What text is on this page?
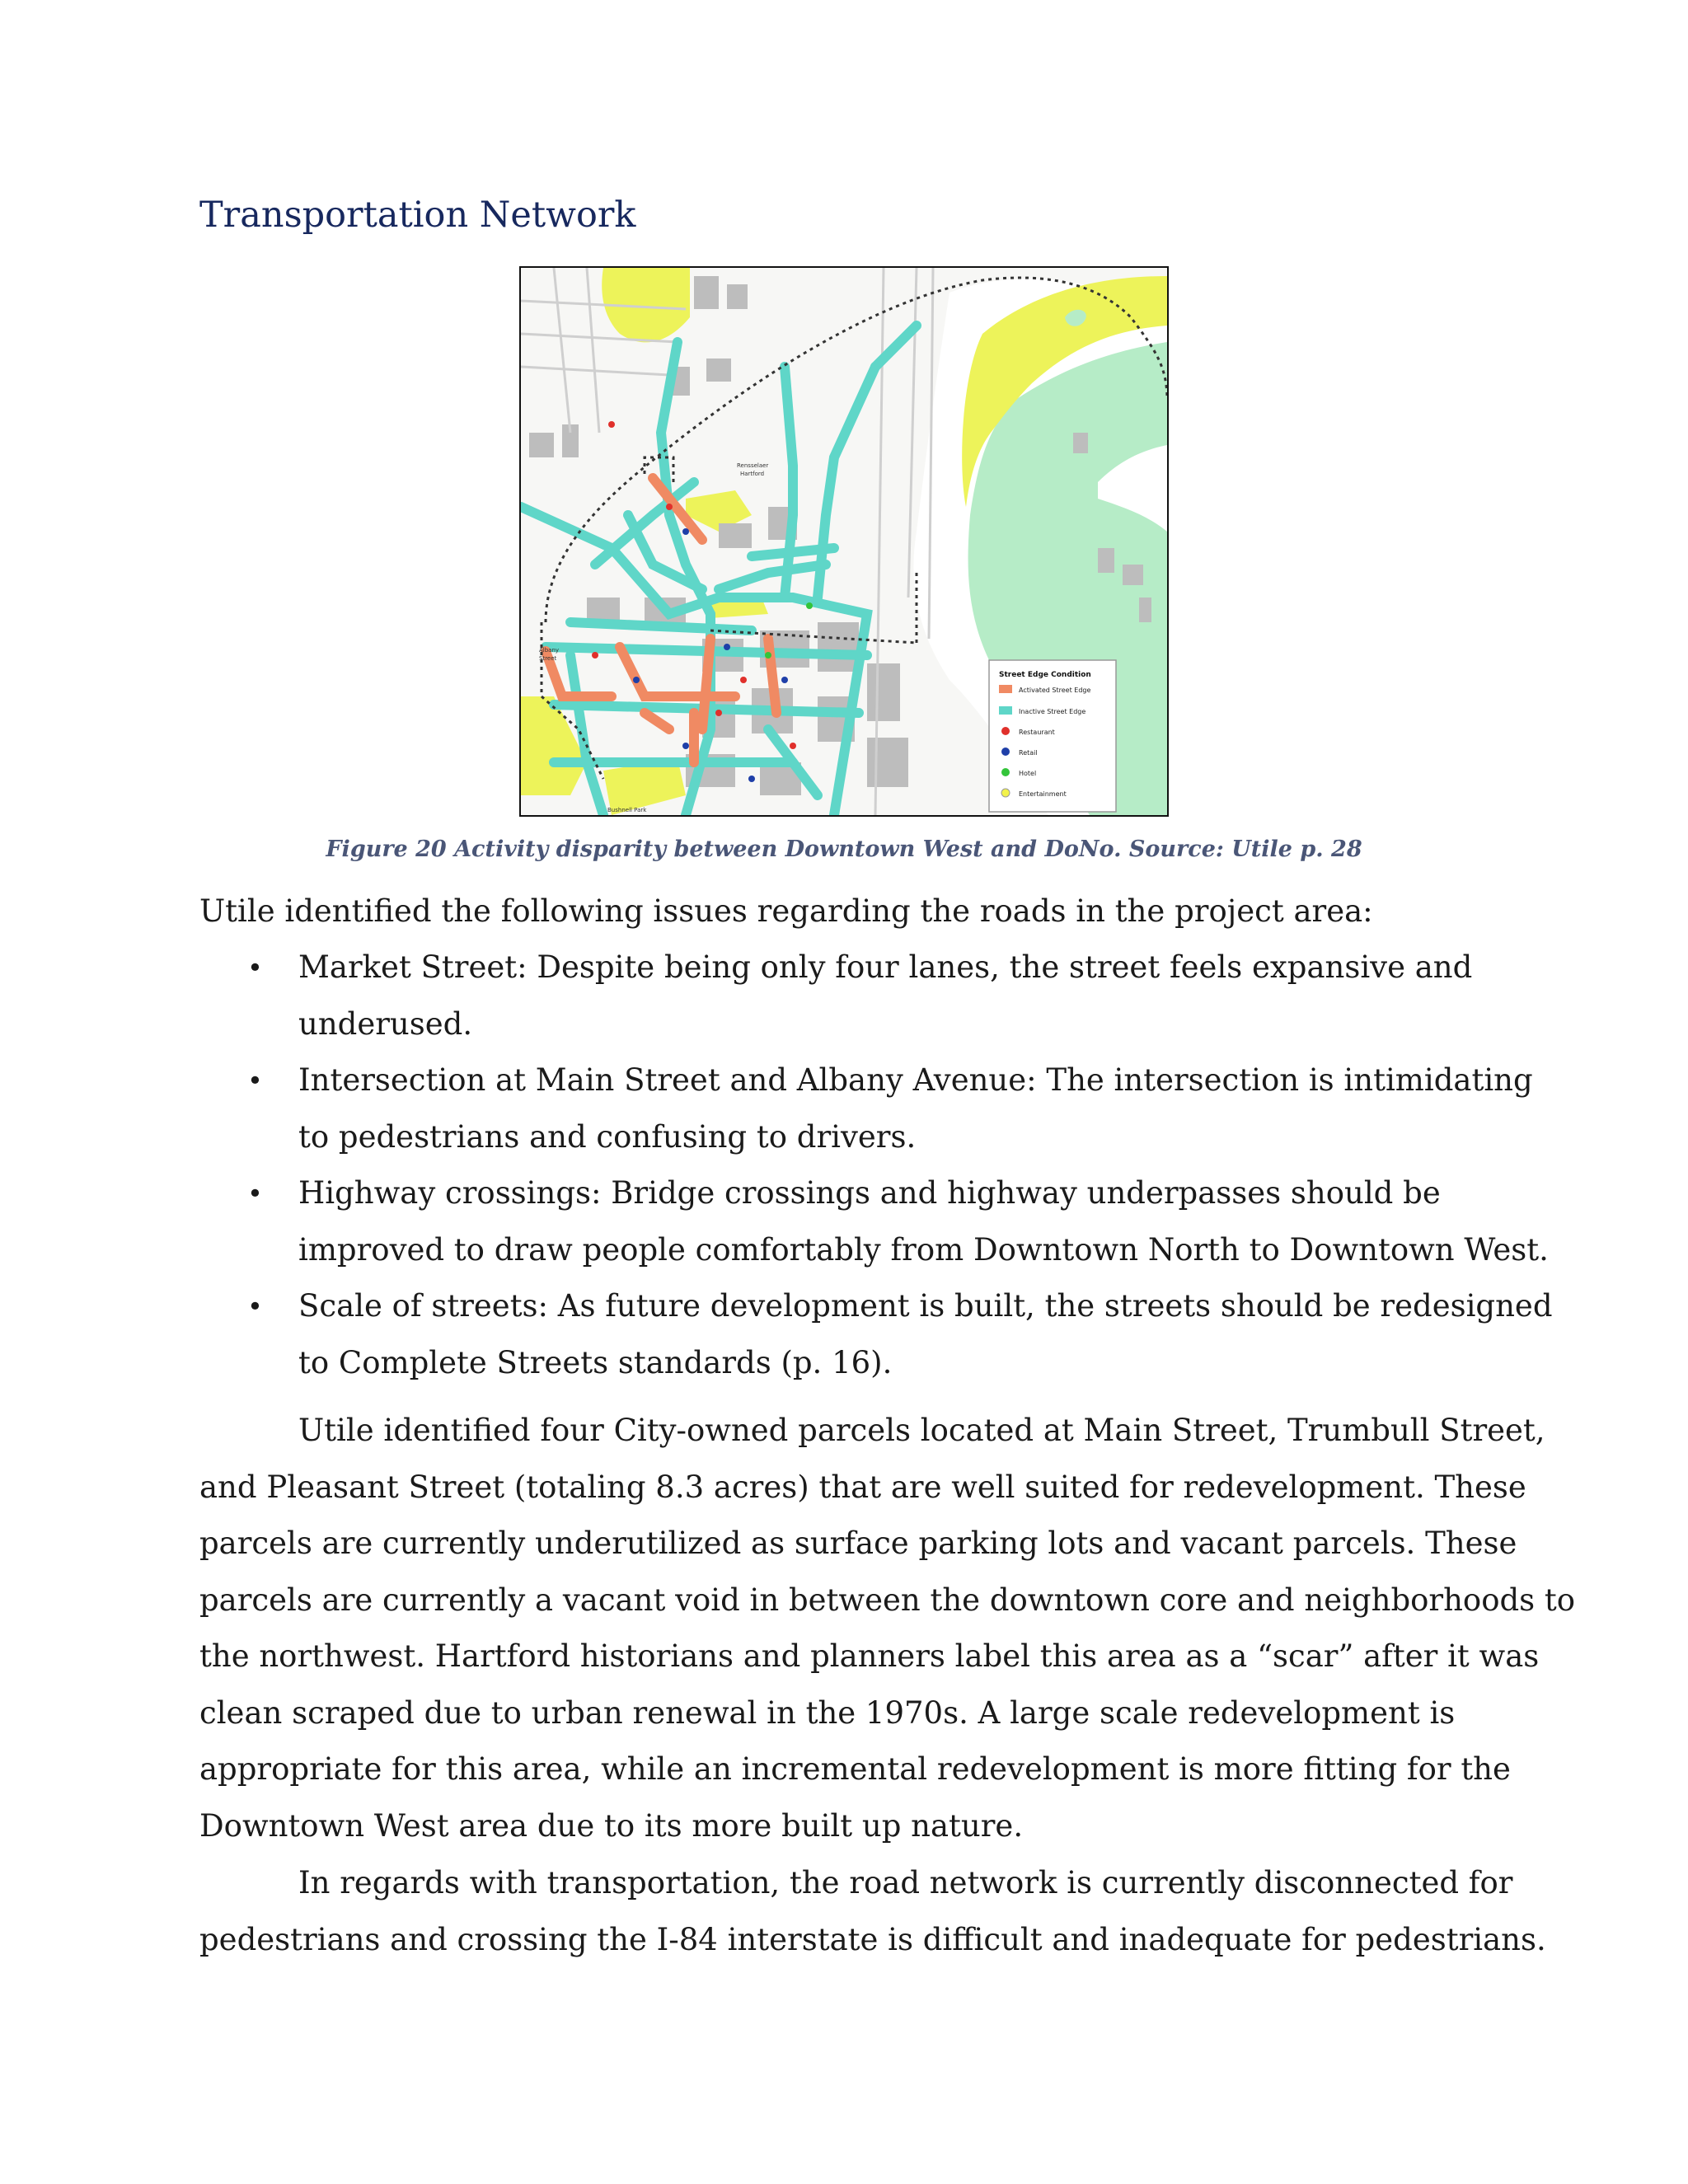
Transportation Network
Rensselaer
Hartford
Albany
Street
Bushnell Park
Street Edge Condition
Activated Street Edge
Inactive Street Edge
Restaurant
Retail
Hotel
Entertainment
Figure 20 Activity disparity between Downtown West and DoNo. Source: Utile p. 28
Utile identified the following issues regarding the roads in the project area:
• Market Street: Despite being only four lanes, the street feels expansive and
underused.
• Intersection at Main Street and Albany Avenue: The intersection is intimidating
to pedestrians and confusing to drivers.
• Highway crossings: Bridge crossings and highway underpasses should be
improved to draw people comfortably from Downtown North to Downtown West.
• Scale of streets: As future development is built, the streets should be redesigned
to Complete Streets standards (p. 16).
Utile identified four City-owned parcels located at Main Street, Trumbull Street,
and Pleasant Street (totaling 8.3 acres) that are well suited for redevelopment. These
parcels are currently underutilized as surface parking lots and vacant parcels. These
parcels are currently a vacant void in between the downtown core and neighborhoods to
the northwest. Hartford historians and planners label this area as a “scar” after it was
clean scraped due to urban renewal in the 1970s. A large scale redevelopment is
appropriate for this area, while an incremental redevelopment is more fitting for the
Downtown West area due to its more built up nature.
In regards with transportation, the road network is currently disconnected for
pedestrians and crossing the I-84 interstate is difficult and inadequate for pedestrians.
